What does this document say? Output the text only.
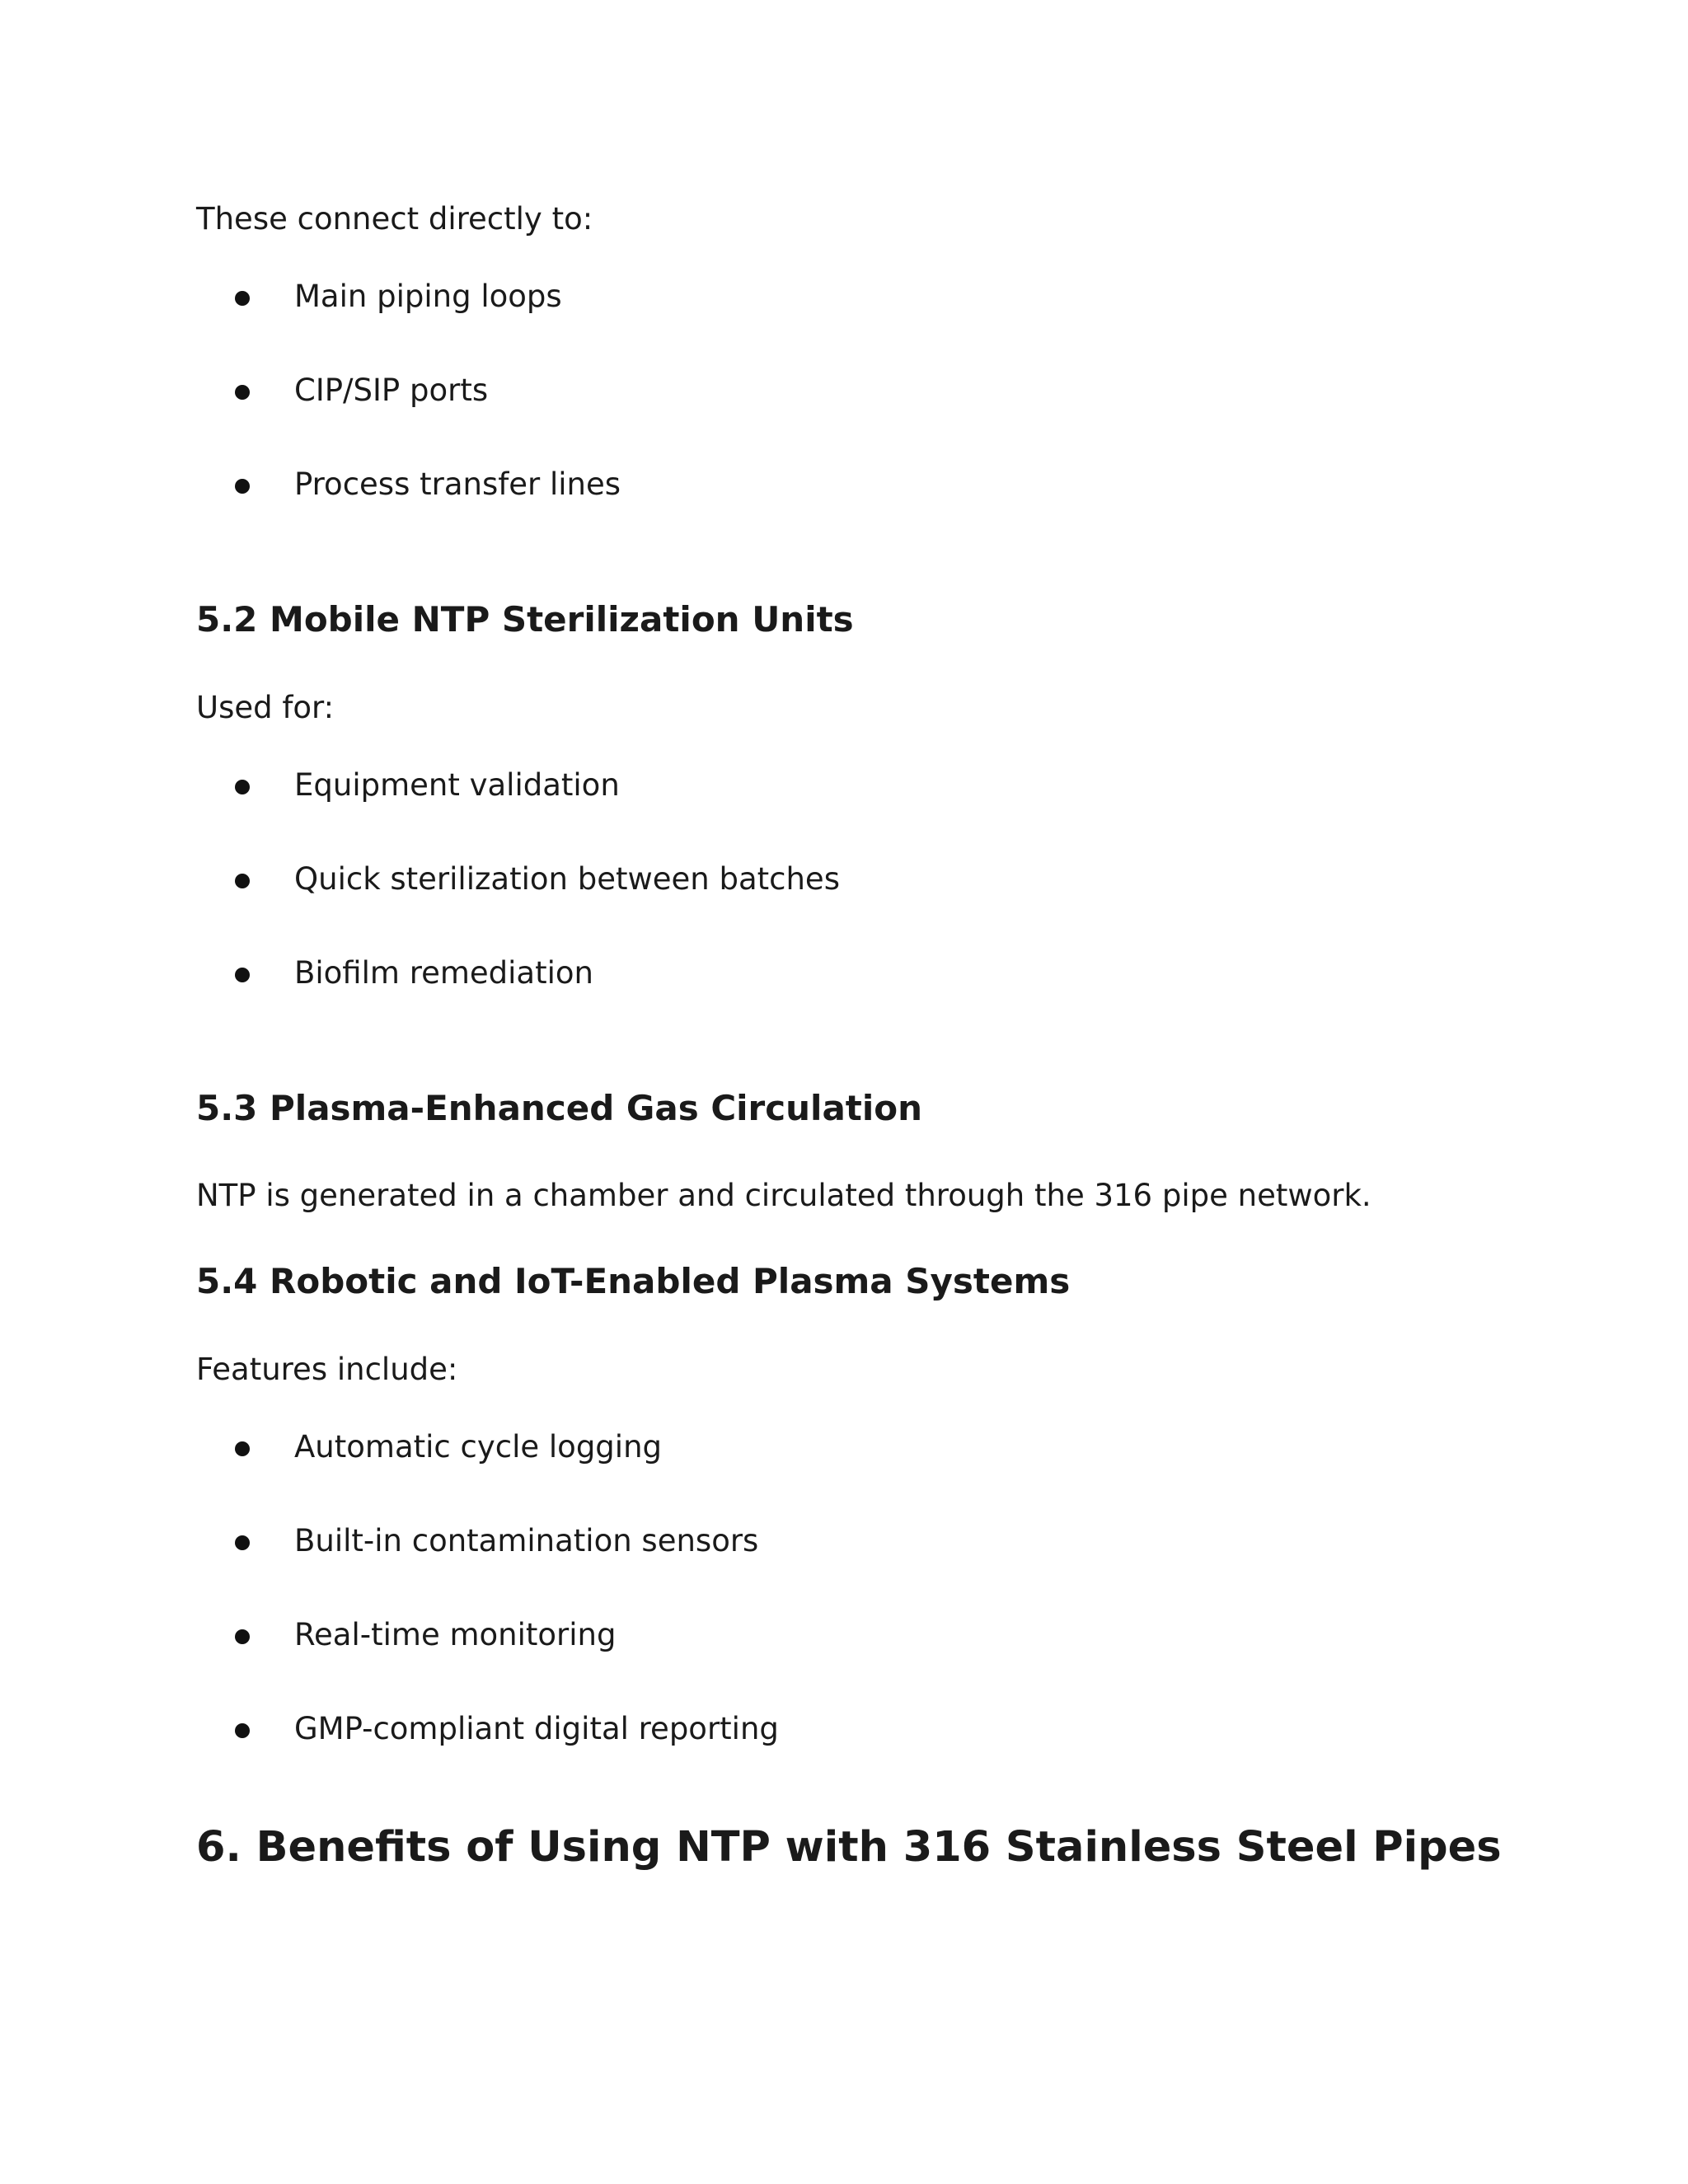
These connect directly to:
Main piping loops
CIP/SIP ports
Process transfer lines
5.2 Mobile NTP Sterilization Units
Used for:
Equipment validation
Quick sterilization between batches
Biofilm remediation
5.3 Plasma-Enhanced Gas Circulation
NTP is generated in a chamber and circulated through the 316 pipe network.
5.4 Robotic and IoT-Enabled Plasma Systems
Features include:
Automatic cycle logging
Built-in contamination sensors
Real-time monitoring
GMP-compliant digital reporting
6. Benefits of Using NTP with 316 Stainless Steel Pipes
